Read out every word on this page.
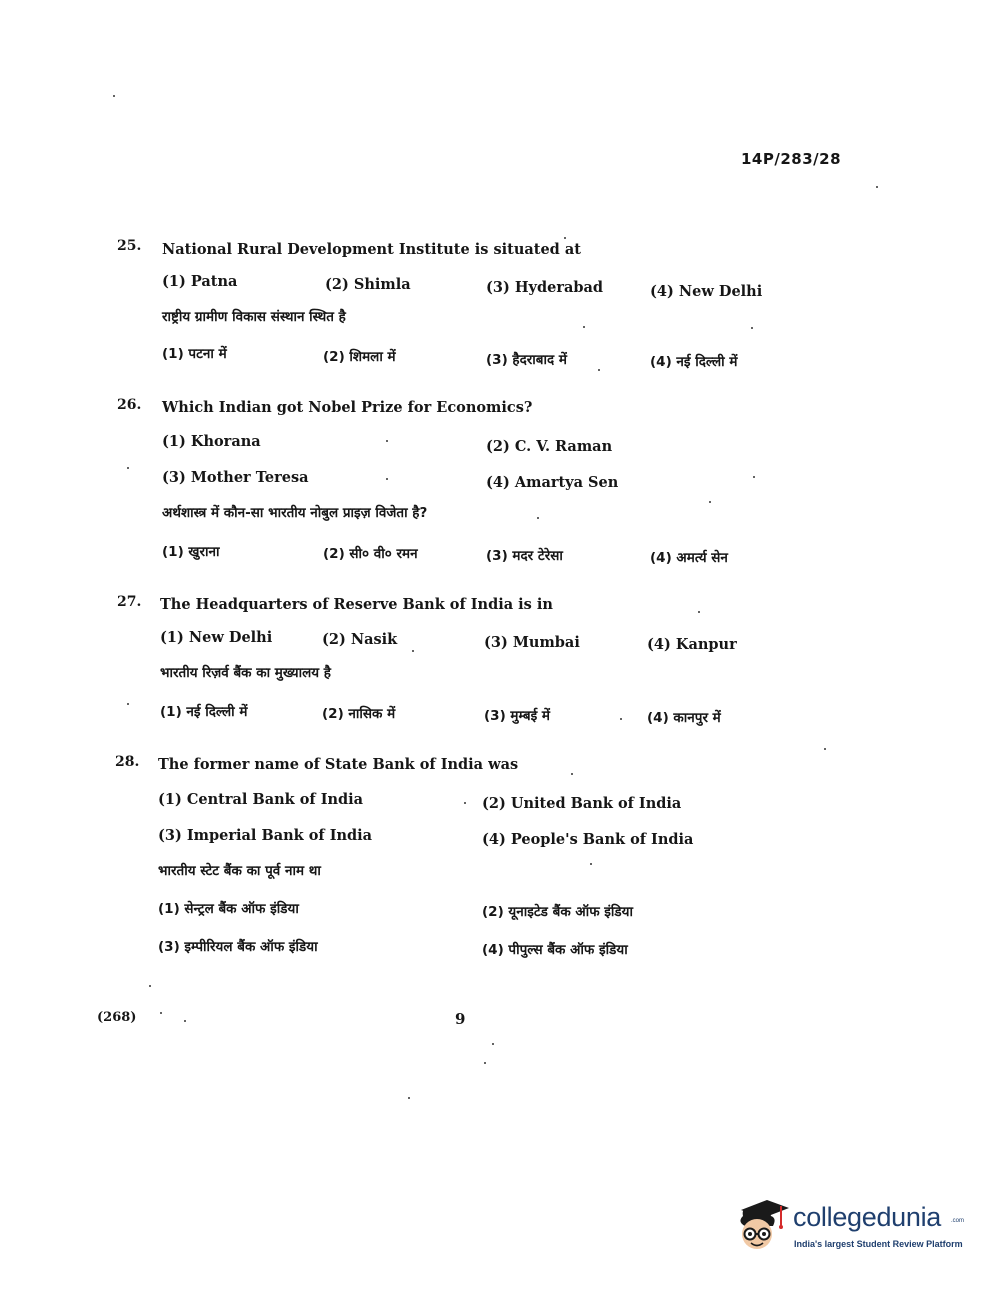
14P/283/28
25. National Rural Development Institute is situated at
(1) Patna	(2) Shimla	(3) Hyderabad	(4) New Delhi
राष्ट्रीय ग्रामीण विकास संस्थान स्थित है
(1) पटना में	(2) शिमला में	(3) हैदराबाद में	(4) नई दिल्ली में
26. Which Indian got Nobel Prize for Economics?
(1) Khorana	(2) C. V. Raman
(3) Mother Teresa	(4) Amartya Sen
अर्थशास्त्र में कौन-सा भारतीय नोबुल प्राइज़ विजेता है?
(1) खुराना	(2) सी० वी० रमन	(3) मदर टेरेसा	(4) अमर्त्य सेन
27. The Headquarters of Reserve Bank of India is in
(1) New Delhi	(2) Nasik	(3) Mumbai	(4) Kanpur
भारतीय रिज़र्व बैंक का मुख्यालय है
(1) नई दिल्ली में	(2) नासिक में	(3) मुम्बई में	(4) कानपुर में
28. The former name of State Bank of India was
(1) Central Bank of India	(2) United Bank of India
(3) Imperial Bank of India	(4) People's Bank of India
भारतीय स्टेट बैंक का पूर्व नाम था
(1) सेन्ट्रल बैंक ऑफ इंडिया	(2) यूनाइटेड बैंक ऑफ इंडिया
(3) इम्पीरियल बैंक ऑफ इंडिया	(4) पीपुल्स बैंक ऑफ इंडिया
(268)	9
collegedunia .com
India's largest Student Review Platform
